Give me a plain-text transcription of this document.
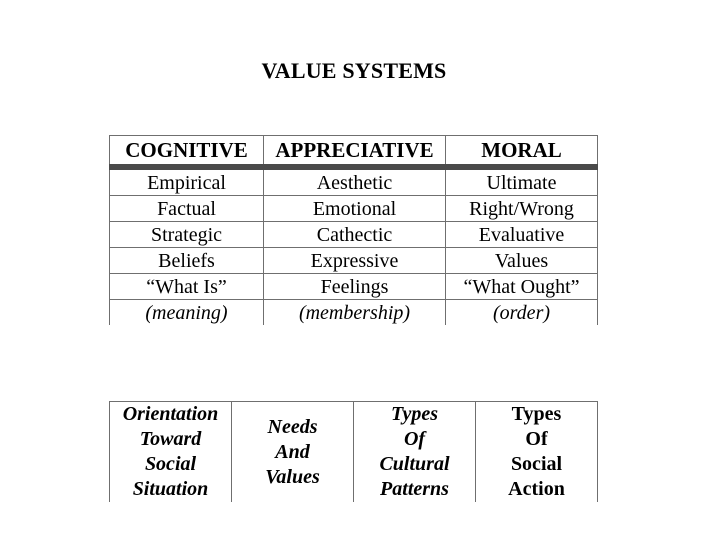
VALUE SYSTEMS
COGNITIVE	APPRECIATIVE	MORAL
Empirical	Aesthetic	Ultimate
Factual	Emotional	Right/Wrong
Strategic	Cathectic	Evaluative
Beliefs	Expressive	Values
“What Is”	Feelings	“What Ought”
(meaning)	(membership)	(order)
Orientation
Toward
Social
Situation

Needs
And
Values

Types
Of
Cultural
Patterns

Types
Of
Social
Action
